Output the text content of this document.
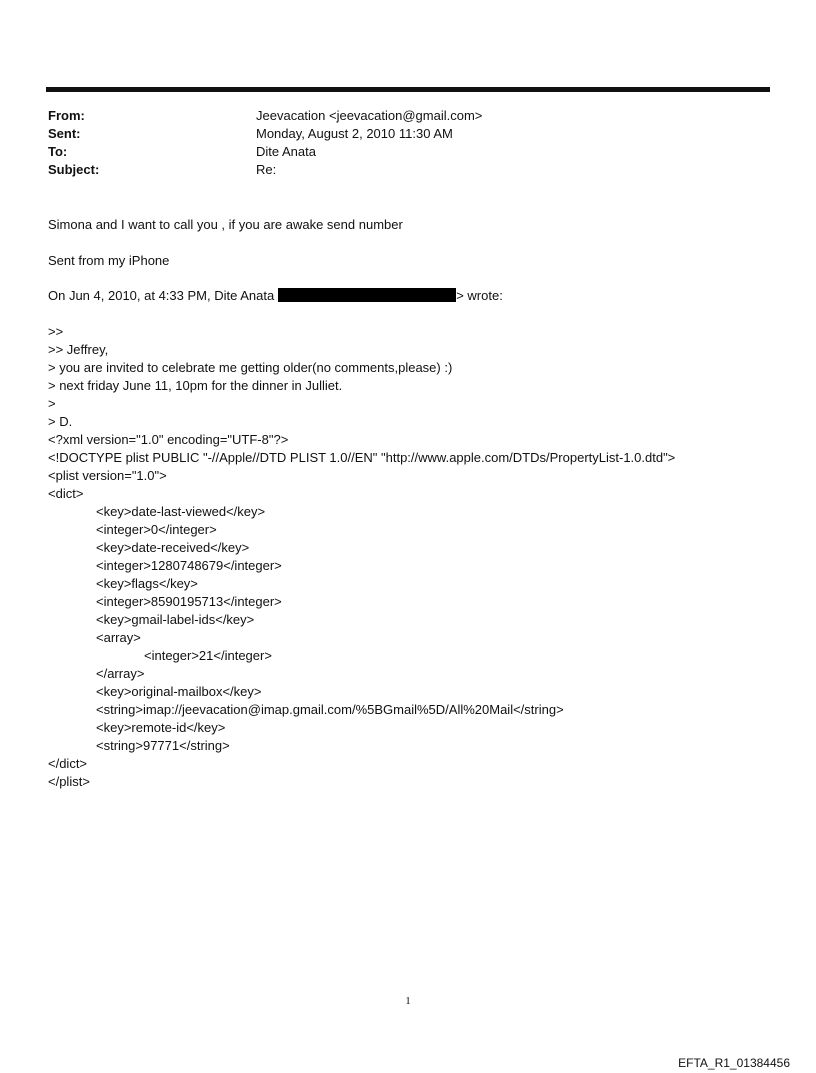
From:	Jeevacation <jeevacation@gmail.com>
Sent:	Monday, August 2, 2010 11:30 AM
To:	Dite Anata
Subject:	Re:
Simona and I want to call you , if you are awake send number
Sent from my iPhone
On Jun 4, 2010, at 4:33 PM, Dite Anata	> wrote:
>>
>> Jeffrey,
> you are invited to celebrate me getting older(no comments,please) :)
> next friday June 11, 10pm for the dinner in Julliet.
>
> D.
<?xml version="1.0" encoding="UTF-8"?>
<!DOCTYPE plist PUBLIC "-//Apple//DTD PLIST 1.0//EN" "http://www.apple.com/DTDs/PropertyList-1.0.dtd">
<plist version="1.0">
<dict>
<key>date-last-viewed</key>
<integer>0</integer>
<key>date-received</key>
<integer>1280748679</integer>
<key>flags</key>
<integer>8590195713</integer>
<key>gmail-label-ids</key>
<array>
<integer>21</integer>
</array>
<key>original-mailbox</key>
<string>imap://jeevacation@imap.gmail.com/%5BGmail%5D/All%20Mail</string>
<key>remote-id</key>
<string>97771</string>
</dict>
</plist>
1
EFTA_R1_01384456
